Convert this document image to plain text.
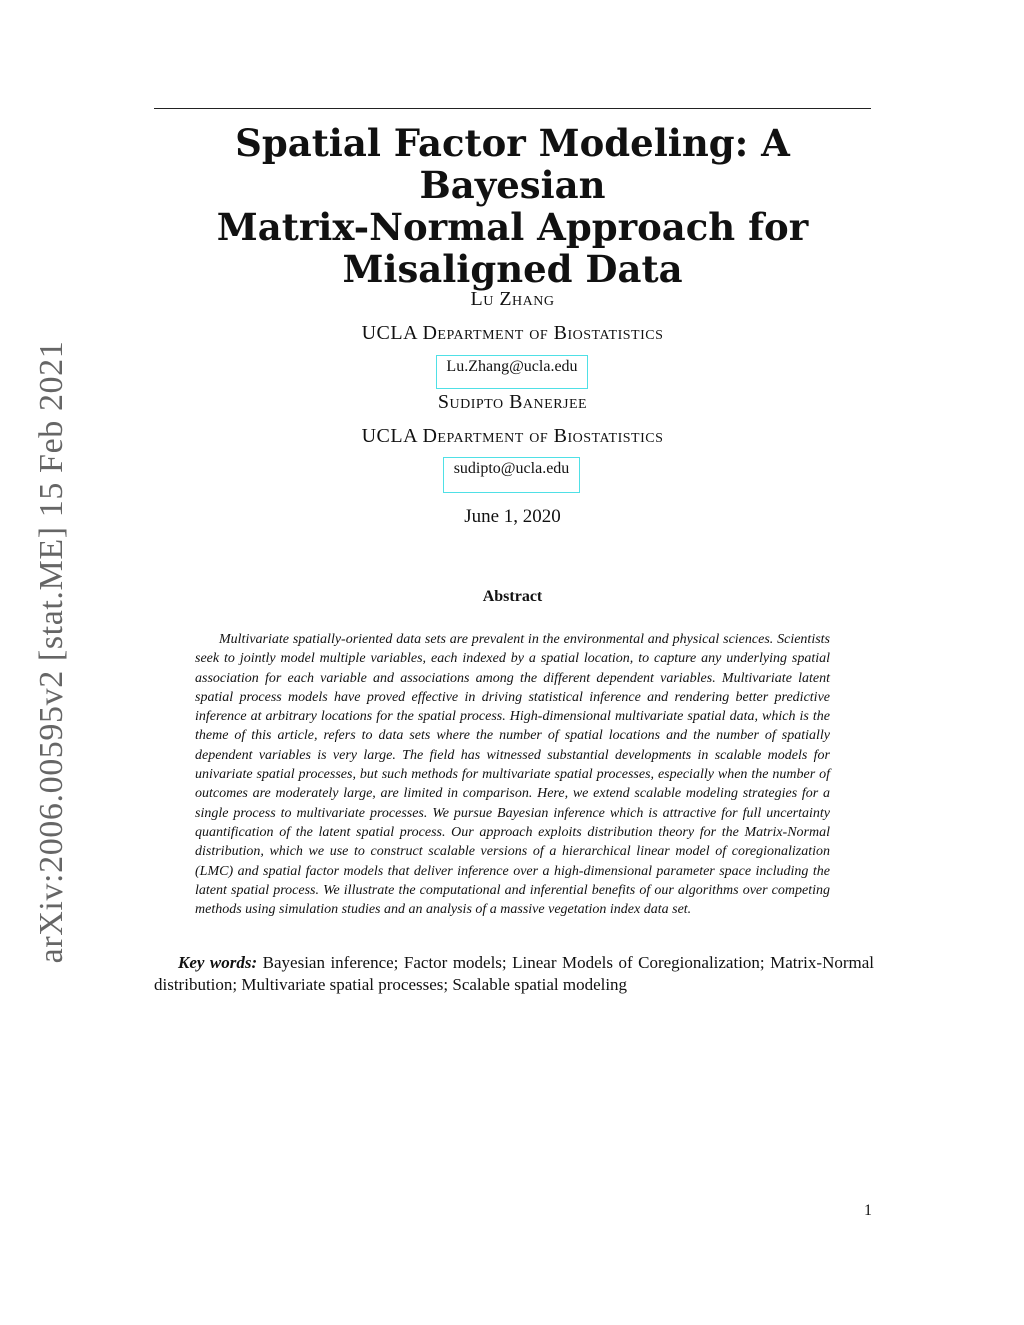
arXiv:2006.00595v2 [stat.ME] 15 Feb 2021
Spatial Factor Modeling: A Bayesian
Matrix-Normal Approach for
Misaligned Data
Lu Zhang
UCLA Department of Biostatistics
Lu.Zhang@ucla.edu
Sudipto Banerjee
UCLA Department of Biostatistics
sudipto@ucla.edu
June 1, 2020
Abstract

Multivariate spatially-oriented data sets are prevalent in the environmental and physical sciences. Scientists seek to jointly model multiple variables, each indexed by a spatial location, to capture any underlying spatial association for each variable and associations among the different dependent variables. Multivariate latent spatial process models have proved effective in driving statistical inference and rendering better predictive inference at arbitrary locations for the spatial process. High-dimensional multivariate spatial data, which is the theme of this article, refers to data sets where the number of spatial locations and the number of spatially dependent variables is very large. The field has witnessed substantial developments in scalable models for univariate spatial processes, but such methods for multivariate spatial processes, especially when the number of outcomes are moderately large, are limited in comparison. Here, we extend scalable modeling strategies for a single process to multivariate processes. We pursue Bayesian inference which is attractive for full uncertainty quantification of the latent spatial process. Our approach exploits distribution theory for the Matrix-Normal distribution, which we use to construct scalable versions of a hierarchical linear model of coregionalization (LMC) and spatial factor models that deliver inference over a high-dimensional parameter space including the latent spatial process. We illustrate the computational and inferential benefits of our algorithms over competing methods using simulation studies and an analysis of a massive vegetation index data set.

Key words: Bayesian inference; Factor models; Linear Models of Coregionalization; Matrix-Normal distribution; Multivariate spatial processes; Scalable spatial modeling

1
